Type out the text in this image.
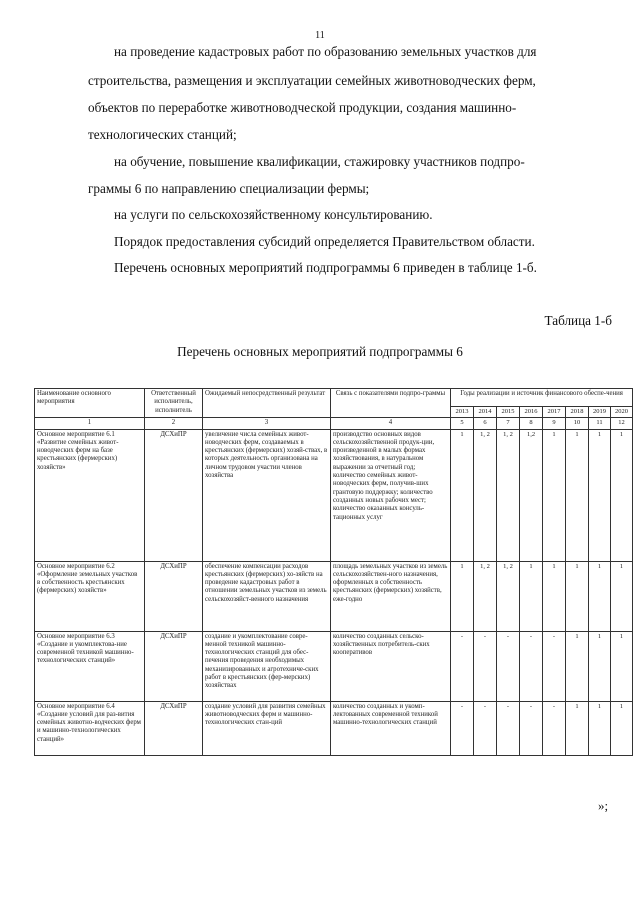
11
на проведение кадастровых работ по образованию земельных участков для
строительства, размещения и эксплуатации семейных животноводческих ферм,
объектов по переработке животноводческой продукции, создания машинно-
технологических станций;
на обучение, повышение квалификации, стажировку участников подпро-
граммы 6 по направлению специализации фермы;
на услуги по сельскохозяйственному консультированию.
Порядок предоставления субсидий определяется Правительством области.
Перечень основных мероприятий подпрограммы 6 приведен в таблице 1-б.
Таблица 1-б
Перечень основных мероприятий подпрограммы 6
Наименование основного мероприятия	Ответственный исполнитель, исполнитель	Ожидаемый непосредственный результат	Связь с показателями подпро-граммы	Годы реализации и источник финансового обеспе-чения							
				2013	2014	2015	2016	2017	2018	2019	2020
1	2	3	4	5	6	7	8	9	10	11	12
Основное мероприятие 6.1 «Развитие семейных живот-новодческих ферм на базе крестьянских (фермерских) хозяйств»	ДСХиПР	увеличение числа семейных живот-новодческих ферм, создаваемых в крестьянских (фермерских) хозяй-ствах, в которых деятельность организована на личном трудовом участии членов хозяйства	производство основных видов сельскохозяйственной продук-ции, произведенной в малых формах хозяйствования, в натуральном выражении за отчетный год; количество семейных живот-новодческих ферм, получив-ших грантовую поддержку; количество созданных новых рабочих мест; количество оказанных консуль-тационных услуг	1	1, 2	1, 2	1,2	1	1	1	1
Основное мероприятие 6.2 «Оформление земельных участков в собственность крестьянских (фермерских) хозяйств»	ДСХиПР	обеспечение компенсации расходов крестьянских (фермерских) хо-зяйств на проведение кадастровых работ в отношении земельных участков из земель сельскохозяйст-венного назначения	площадь земельных участков из земель сельскохозяйствен-ного назначения, оформленных в собственность крестьянских (фермерских) хозяйств, еже-годно	1	1, 2	1, 2	1	1	1	1	1
Основное мероприятие 6.3 «Создание и укомплектова-ние современной техникой машинно-технологических станций»	ДСХиПР	создание и укомплектование совре-менной техникой машинно-технологических станций для обес-печения проведения необходимых механизированных и агротехниче-ских работ в крестьянских (фер-мерских) хозяйствах	количество созданных сельско-хозяйственных потребитель-ских кооперативов	-	-	-	-	-	1	1	1
Основное мероприятие 6.4 «Создание условий для раз-вития семейных животно-водческих ферм и машинно-технологических станций»	ДСХиПР	создание условий для развития семейных животноводческих ферм и машинно-технологических стан-ций	количество созданных и укомп-лектованных современной техникой машинно-технологических станций	-	-	-	-	-	1	1	1
»;
